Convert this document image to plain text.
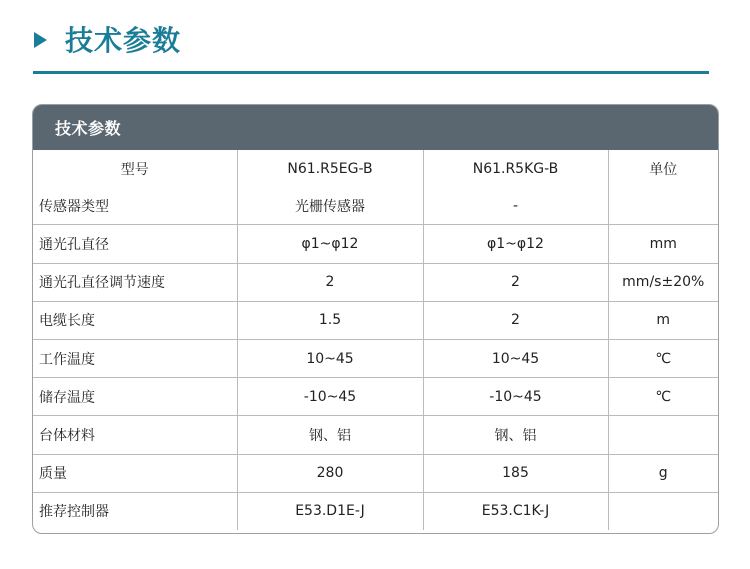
技术参数
技术参数
型号	N61.R5EG-B	N61.R5KG-B	单位
传感器类型	光栅传感器	-	
通光孔直径	φ1~φ12	φ1~φ12	mm
通光孔直径调节速度	2	2	mm/s±20%
电缆长度	1.5	2	m
工作温度	10~45	10~45	℃
储存温度	-10~45	-10~45	℃
台体材料	钢、铝	钢、铝	
质量	280	185	g
推荐控制器	E53.D1E-J	E53.C1K-J	
